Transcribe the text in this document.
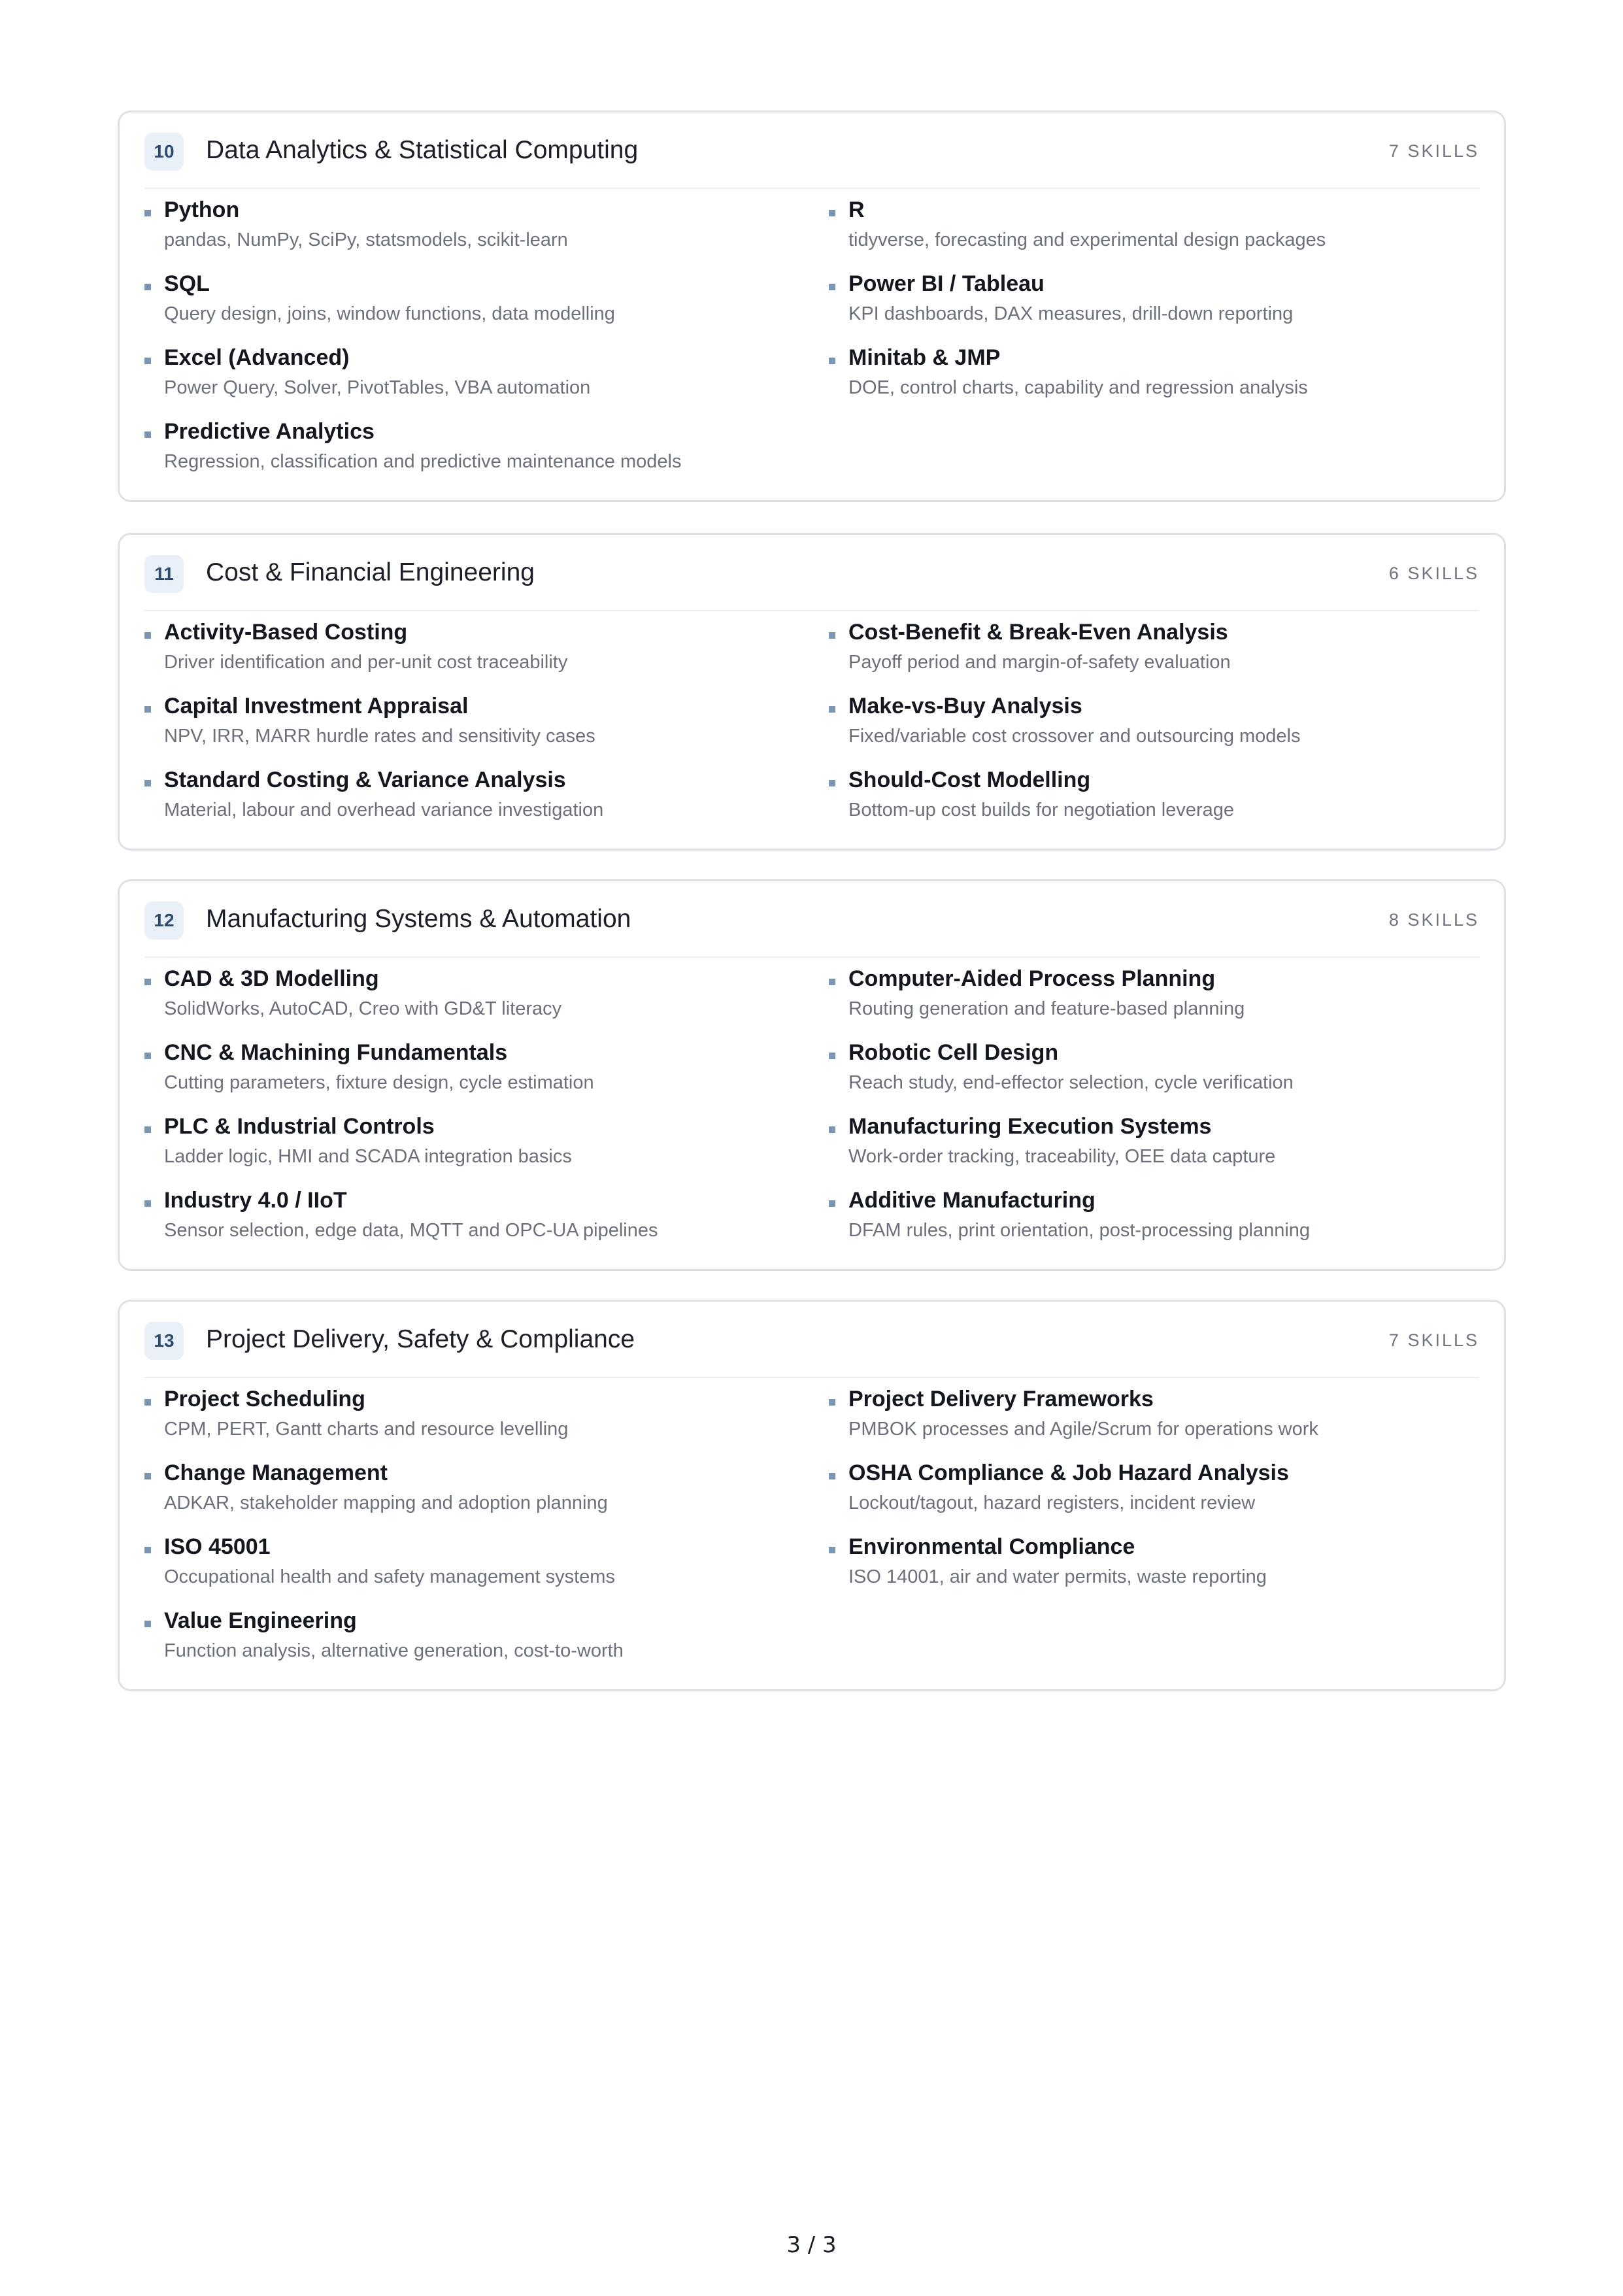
10	Data Analytics & Statistical Computing	7 SKILLS
Python
pandas, NumPy, SciPy, statsmodels, scikit-learn
R
tidyverse, forecasting and experimental design packages
SQL
Query design, joins, window functions, data modelling
Power BI / Tableau
KPI dashboards, DAX measures, drill-down reporting
Excel (Advanced)
Power Query, Solver, PivotTables, VBA automation
Minitab & JMP
DOE, control charts, capability and regression analysis
Predictive Analytics
Regression, classification and predictive maintenance models
11	Cost & Financial Engineering	6 SKILLS
Activity-Based Costing
Driver identification and per-unit cost traceability
Cost-Benefit & Break-Even Analysis
Payoff period and margin-of-safety evaluation
Capital Investment Appraisal
NPV, IRR, MARR hurdle rates and sensitivity cases
Make-vs-Buy Analysis
Fixed/variable cost crossover and outsourcing models
Standard Costing & Variance Analysis
Material, labour and overhead variance investigation
Should-Cost Modelling
Bottom-up cost builds for negotiation leverage
12	Manufacturing Systems & Automation	8 SKILLS
CAD & 3D Modelling
SolidWorks, AutoCAD, Creo with GD&T literacy
Computer-Aided Process Planning
Routing generation and feature-based planning
CNC & Machining Fundamentals
Cutting parameters, fixture design, cycle estimation
Robotic Cell Design
Reach study, end-effector selection, cycle verification
PLC & Industrial Controls
Ladder logic, HMI and SCADA integration basics
Manufacturing Execution Systems
Work-order tracking, traceability, OEE data capture
Industry 4.0 / IIoT
Sensor selection, edge data, MQTT and OPC-UA pipelines
Additive Manufacturing
DFAM rules, print orientation, post-processing planning
13	Project Delivery, Safety & Compliance	7 SKILLS
Project Scheduling
CPM, PERT, Gantt charts and resource levelling
Project Delivery Frameworks
PMBOK processes and Agile/Scrum for operations work
Change Management
ADKAR, stakeholder mapping and adoption planning
OSHA Compliance & Job Hazard Analysis
Lockout/tagout, hazard registers, incident review
ISO 45001
Occupational health and safety management systems
Environmental Compliance
ISO 14001, air and water permits, waste reporting
Value Engineering
Function analysis, alternative generation, cost-to-worth
3 / 3
